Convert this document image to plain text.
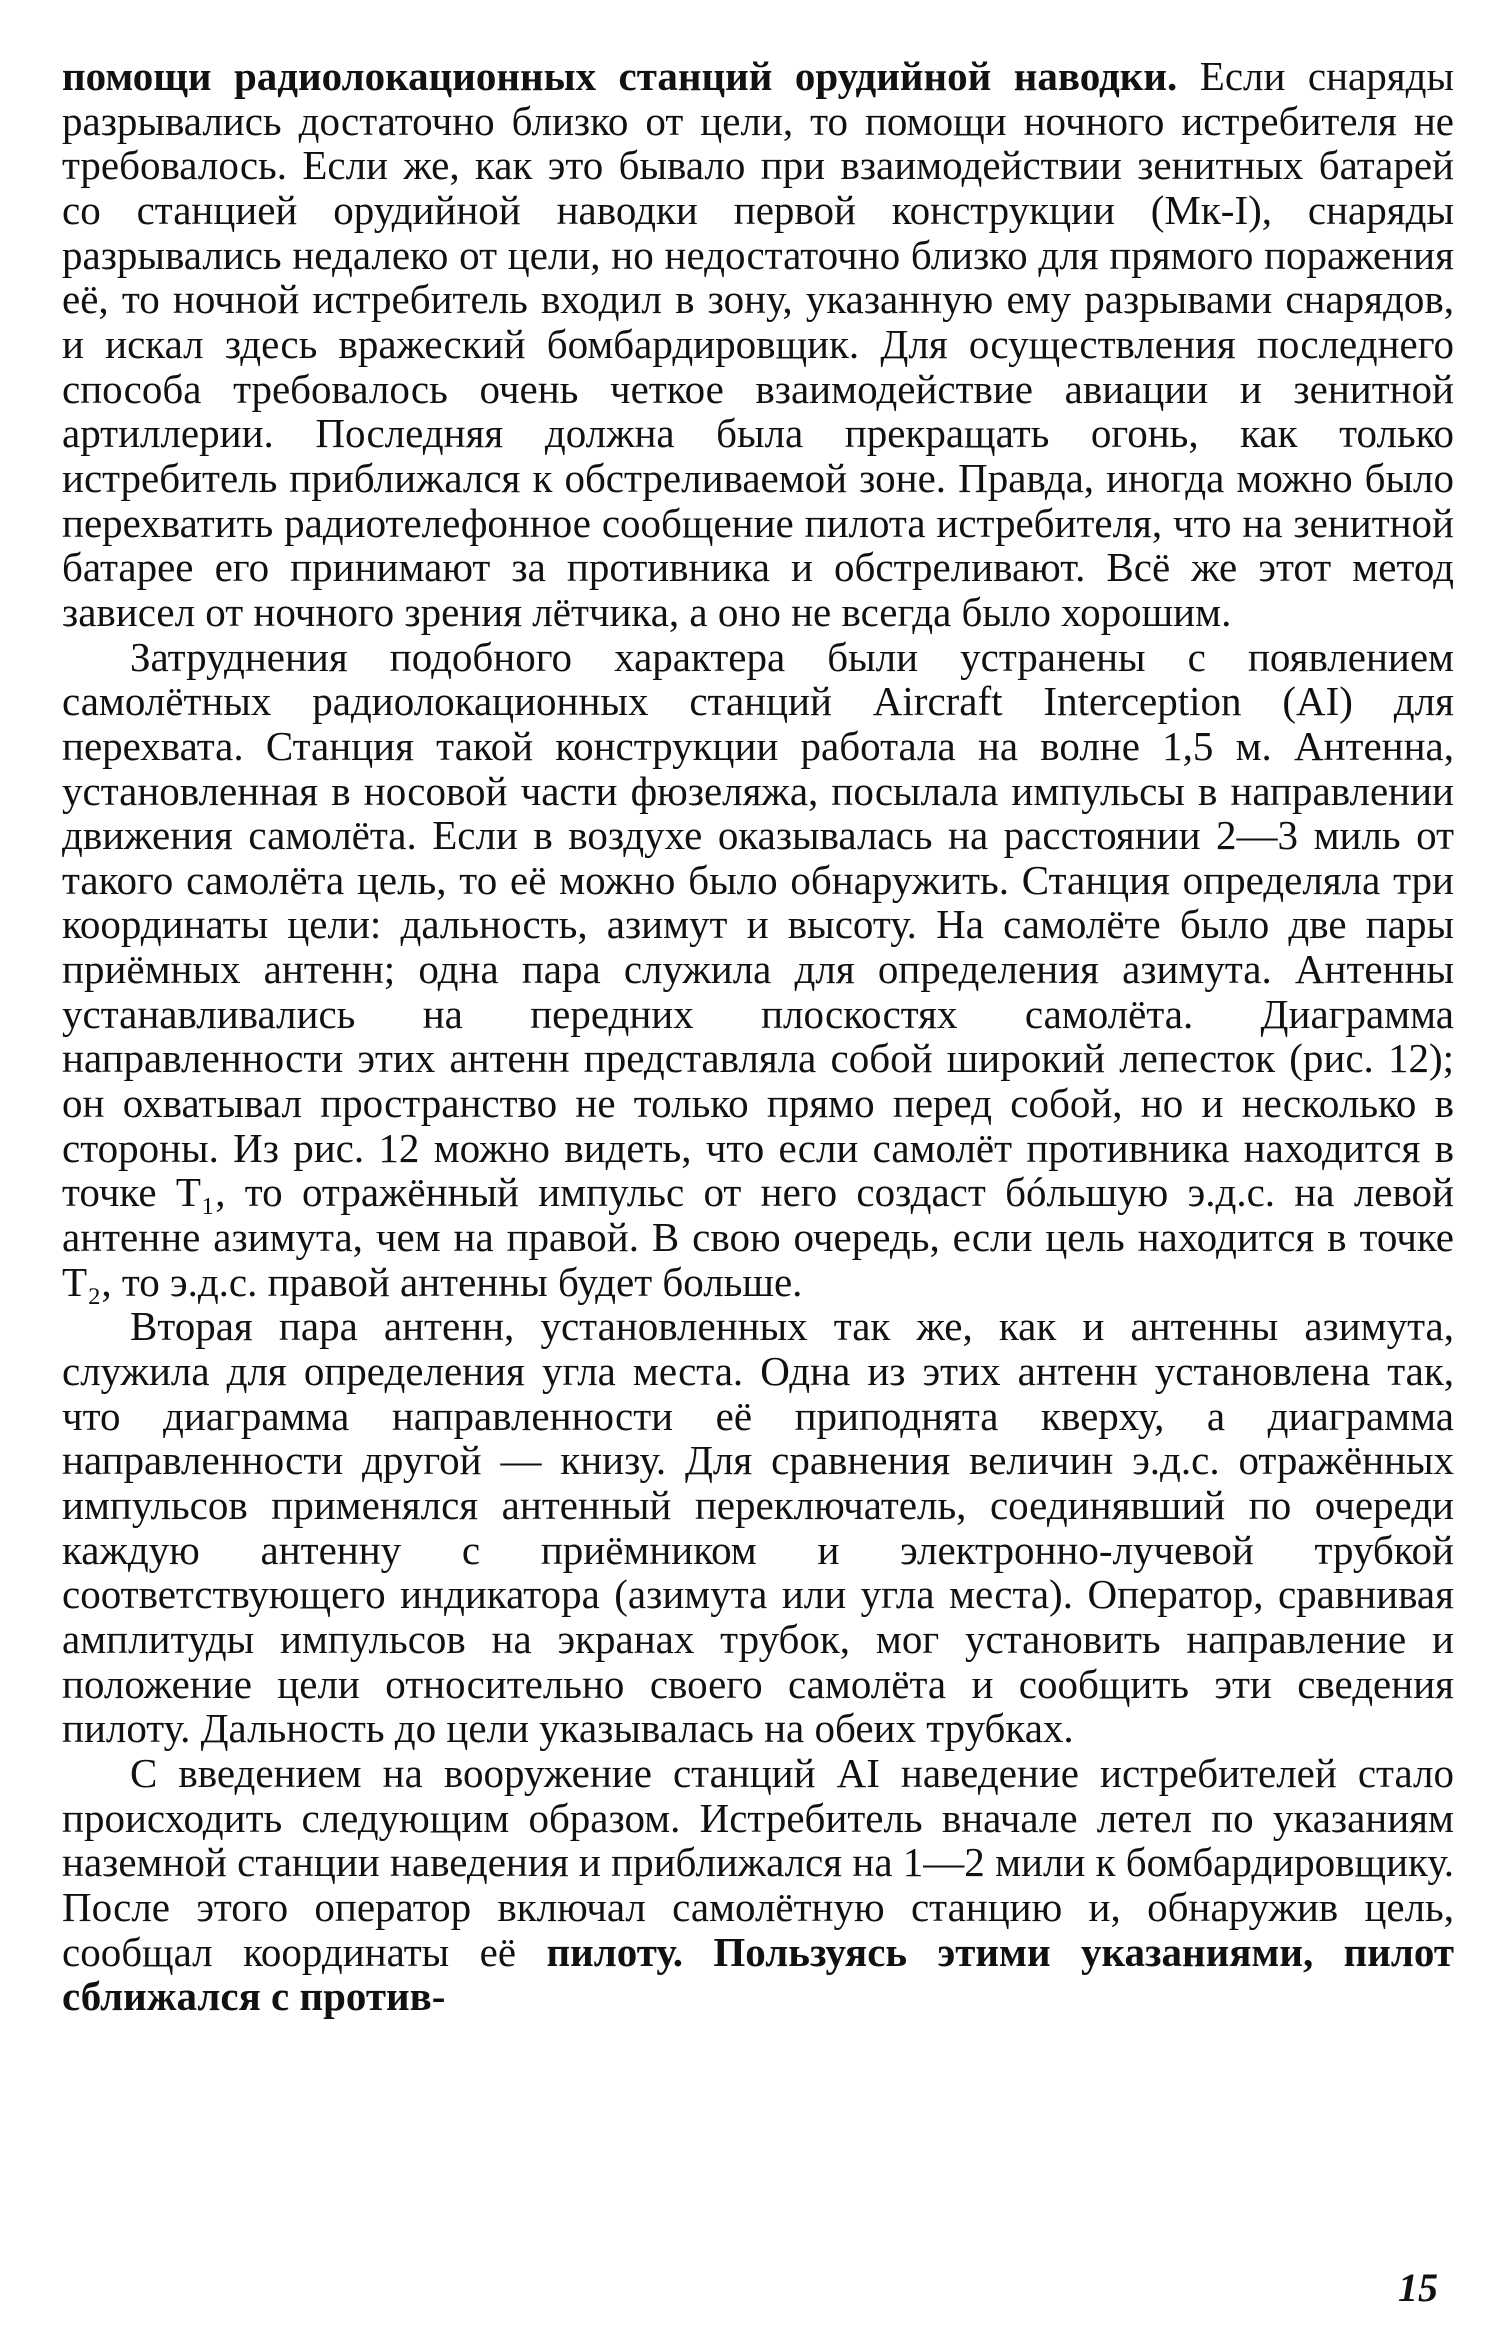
помощи радиолокационных станций орудийной наводки. Если снаряды разрывались достаточно близко от цели, то помощи ночного истребителя не требовалось. Если же, как это бывало при взаимодействии зенитных батарей со станцией орудийной наводки первой конструкции (Мк-I), снаряды разрывались недалеко от цели, но недостаточно близко для прямого поражения её, то ночной истребитель входил в зону, указанную ему разрывами снарядов, и искал здесь вражеский бомбардировщик. Для осуществления последнего способа требовалось очень четкое взаимодействие авиации и зенитной артиллерии. Последняя должна была прекращать огонь, как только истребитель приближался к обстреливаемой зоне. Правда, иногда можно было перехватить радиотелефонное сообщение пилота истребителя, что на зенитной батарее его принимают за противника и обстреливают. Всё же этот метод зависел от ночного зрения лётчика, а оно не всегда было хорошим.

Затруднения подобного характера были устранены с появлением самолётных радиолокационных станций Aircraft Interception (AI) для перехвата. Станция такой конструкции работала на волне 1,5 м. Антенна, установленная в носовой части фюзеляжа, посылала импульсы в направлении движения самолёта. Если в воздухе оказывалась на расстоянии 2—3 миль от такого самолёта цель, то её можно было обнаружить. Станция определяла три координаты цели: дальность, азимут и высоту. На самолёте было две пары приёмных антенн; одна пара служила для определения азимута. Антенны устанавливались на передних плоскостях самолёта. Диаграмма направленности этих антенн представляла собой широкий лепесток (рис. 12); он охватывал пространство не только прямо перед собой, но и несколько в стороны. Из рис. 12 можно видеть, что если самолёт противника находится в точке T₁, то отражённый импульс от него создаст бóльшую э.д.с. на левой антенне азимута, чем на правой. В свою очередь, если цель находится в точке T₂, то э.д.с. правой антенны будет больше.

Вторая пара антенн, установленных так же, как и антенны азимута, служила для определения угла места. Одна из этих антенн установлена так, что диаграмма направленности её приподнята кверху, а диаграмма направленности другой — книзу. Для сравнения величин э.д.с. отражённых импульсов применялся антенный переключатель, соединявший по очереди каждую антенну с приёмником и электронно-лучевой трубкой соответствующего индикатора (азимута или угла места). Оператор, сравнивая амплитуды импульсов на экранах трубок, мог установить направление и положение цели относительно своего самолёта и сообщить эти сведения пилоту. Дальность до цели указывалась на обеих трубках.

С введением на вооружение станций AI наведение истребителей стало происходить следующим образом. Истребитель вначале летел по указаниям наземной станции наведения и приближался на 1—2 мили к бомбардировщику. После этого оператор включал самолётную станцию и, обнаружив цель, сообщал координаты её пилоту. Пользуясь этими указаниями, пилот сближался с против-

15
